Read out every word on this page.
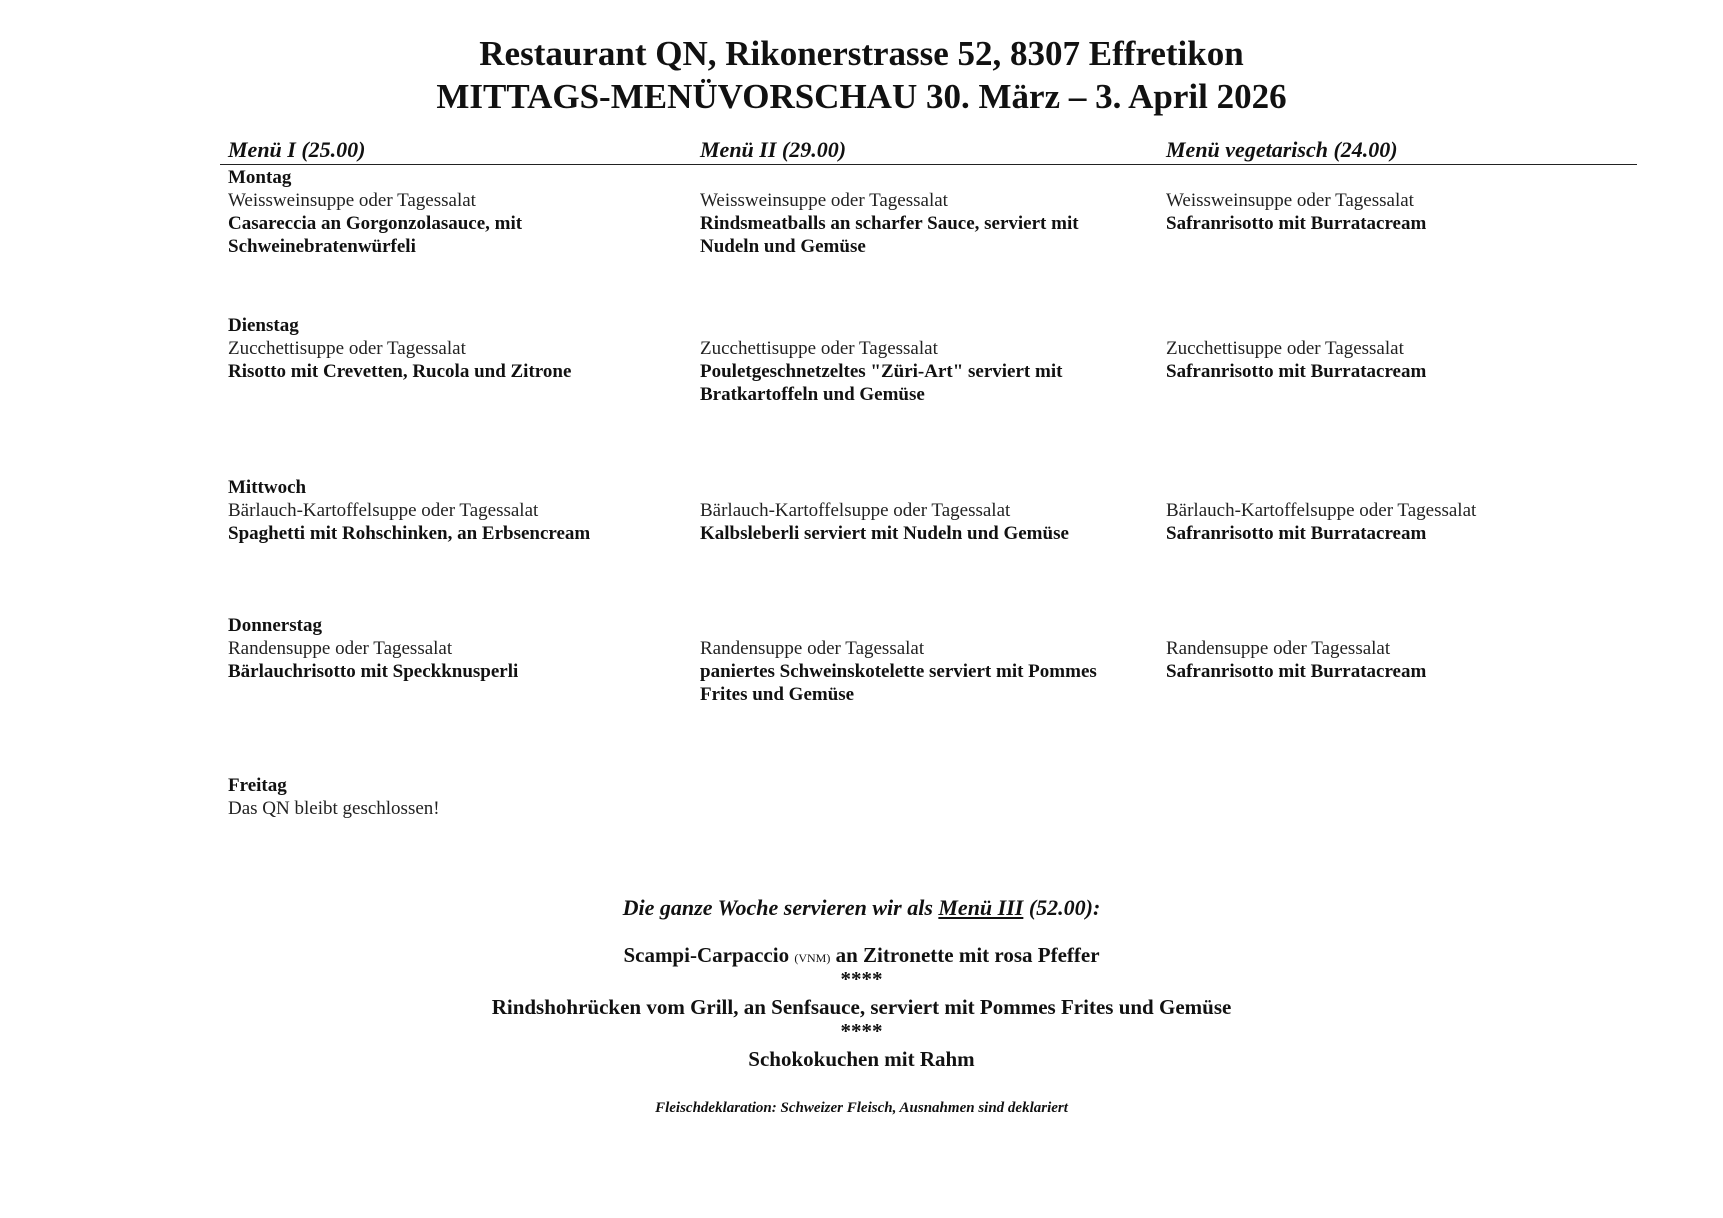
Restaurant QN, Rikonerstrasse 52, 8307 Effretikon
MITTAGS-MENÜVORSCHAU 30. März – 3. April 2026
Menü I (25.00)	Menü II (29.00)	Menü vegetarisch (24.00)
Montag
Weissweinsuppe oder Tagessalat
Casareccia an Gorgonzolasauce, mit Schweinebratenwürfeli
Weissweinsuppe oder Tagessalat
Rindsmeatballs an scharfer Sauce, serviert mit Nudeln und Gemüse
Weissweinsuppe oder Tagessalat
Safranrisotto mit Burratacream
Dienstag
Zucchettisuppe oder Tagessalat
Risotto mit Crevetten, Rucola und Zitrone
Zucchettisuppe oder Tagessalat
Pouletgeschnetzeltes "Züri-Art" serviert mit Bratkartoffeln und Gemüse
Zucchettisuppe oder Tagessalat
Safranrisotto mit Burratacream
Mittwoch
Bärlauch-Kartoffelsuppe oder Tagessalat
Spaghetti mit Rohschinken, an Erbsencream
Bärlauch-Kartoffelsuppe oder Tagessalat
Kalbsleberli serviert mit Nudeln und Gemüse
Bärlauch-Kartoffelsuppe oder Tagessalat
Safranrisotto mit Burratacream
Donnerstag
Randensuppe oder Tagessalat
Bärlauchrisotto mit Speckknusperli
Randensuppe oder Tagessalat
paniertes Schweinskotelette serviert mit Pommes Frites und Gemüse
Randensuppe oder Tagessalat
Safranrisotto mit Burratacream
Freitag
Das QN bleibt geschlossen!
Die ganze Woche servieren wir als Menü III (52.00):
Scampi-Carpaccio (VNM) an Zitronette mit rosa Pfeffer
****
Rindshohrücken vom Grill, an Senfsauce, serviert mit Pommes Frites und Gemüse
****
Schokokuchen mit Rahm
Fleischdeklaration: Schweizer Fleisch, Ausnahmen sind deklariert
